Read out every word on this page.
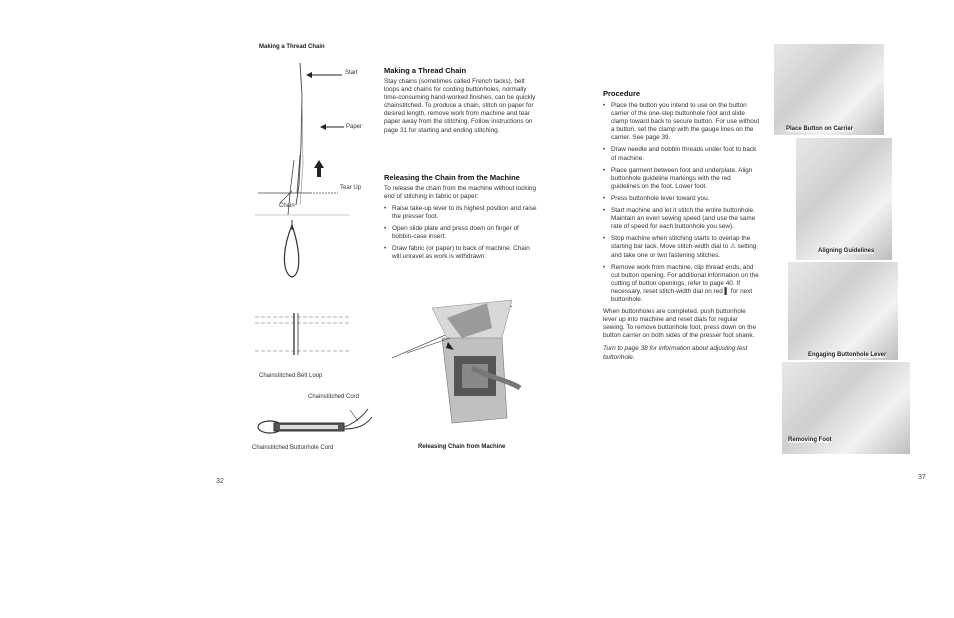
Making a Thread Chain
Start
Paper
Tear Up
Chain
Chainstitched Belt Loop
Chainstitched Cord
Chainstitched Buttonhole Cord
32
Making a Thread Chain
Stay chains (sometimes called French tacks), belt loops and chains for cording buttonholes, normally time-consuming hand-worked finishes, can be quickly chainstitched. To produce a chain, stitch on paper for desired length, remove work from machine and tear paper away from the stitching. Follow instructions on page 31 for starting and ending stitching.
Releasing the Chain from the Machine
To release the chain from the machine without locking end of stitching in fabric or paper:
• Raise take-up lever to its highest position and raise the presser foot.
• Open slide plate and press down on finger of bobbin-case insert.
• Draw fabric (or paper) to back of machine. Chain will unravel as work is withdrawn.
Releasing Chain from Machine
Procedure
• Place the button you intend to use on the button carrier of the one-step buttonhole foot and slide clamp toward back to secure button. For use without a button, set the clamp with the gauge lines on the carrier. See page 39.
• Draw needle and bobbin threads under foot to back of machine.
• Place garment between foot and underplate. Align buttonhole guideline markings with the red guidelines on the foot. Lower foot.
• Press buttonhole lever toward you.
• Start machine and let it stitch the entire buttonhole. Maintain an even sewing speed (and use the same rate of speed for each buttonhole you sew).
• Stop machine when stitching starts to overlap the starting bar tack. Move stitch-width dial to ⚠ setting and take one or two fastening stitches.
• Remove work from machine, clip thread ends, and cut button opening. For additional information on the cutting of button openings, refer to page 40. If necessary, reset stitch-width dial on red ▌ for next buttonhole.
When buttonholes are completed, push buttonhole lever up into machine and reset dials for regular sewing. To remove buttonhole foot, press down on the button carrier on both sides of the presser foot shank.
Turn to page 38 for information about adjusting test buttonhole.
Place Button on Carrier
Aligning Guidelines
Engaging Buttonhole Lever
Removing Foot
37
